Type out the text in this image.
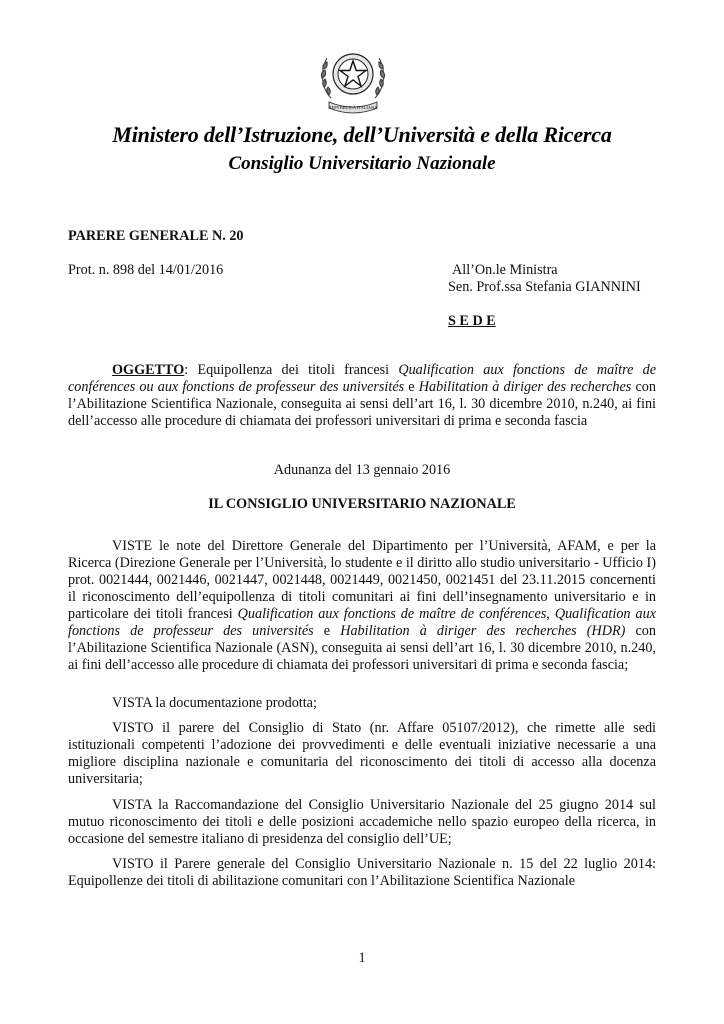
REPVBBLICA ITALIANA
Ministero dell’Istruzione, dell’Università e della Ricerca
Consiglio Universitario Nazionale
PARERE GENERALE N. 20
Prot. n. 898 del 14/01/2016	All’On.le Ministra
Sen. Prof.ssa Stefania GIANNINI
S E D E
OGGETTO: Equipollenza dei titoli francesi Qualification aux fonctions de maître de conférences ou aux fonctions de professeur des universités e Habilitation à diriger des recherches con l’Abilitazione Scientifica Nazionale, conseguita ai sensi dell’art 16, l. 30 dicembre 2010, n.240, ai fini dell’accesso alle procedure di chiamata dei professori universitari di prima e seconda fascia
Adunanza del 13 gennaio 2016
IL CONSIGLIO UNIVERSITARIO NAZIONALE
VISTE le note del Direttore Generale del Dipartimento per l’Università, AFAM, e per la Ricerca (Direzione Generale per l’Università, lo studente e il diritto allo studio universitario - Ufficio I) prot. 0021444, 0021446, 0021447, 0021448, 0021449, 0021450, 0021451 del 23.11.2015 concernenti il riconoscimento dell’equipollenza di titoli comunitari ai fini dell’insegnamento universitario e in particolare dei titoli francesi Qualification aux fonctions de maître de conférences, Qualification aux fonctions de professeur des universités e Habilitation à diriger des recherches (HDR) con l’Abilitazione Scientifica Nazionale (ASN), conseguita ai sensi dell’art 16, l. 30 dicembre 2010, n.240, ai fini dell’accesso alle procedure di chiamata dei professori universitari di prima e seconda fascia;
VISTA la documentazione prodotta;
VISTO il parere del Consiglio di Stato (nr. Affare 05107/2012), che rimette alle sedi istituzionali competenti l’adozione dei provvedimenti e delle eventuali iniziative necessarie a una migliore disciplina nazionale e comunitaria del riconoscimento dei titoli di accesso alla docenza universitaria;
VISTA la Raccomandazione del Consiglio Universitario Nazionale del 25 giugno 2014 sul mutuo riconoscimento dei titoli e delle posizioni accademiche nello spazio europeo della ricerca, in occasione del semestre italiano di presidenza del consiglio dell’UE;
VISTO il Parere generale del Consiglio Universitario Nazionale n. 15 del 22 luglio 2014: Equipollenze dei titoli di abilitazione comunitari con l’Abilitazione Scientifica Nazionale
1
